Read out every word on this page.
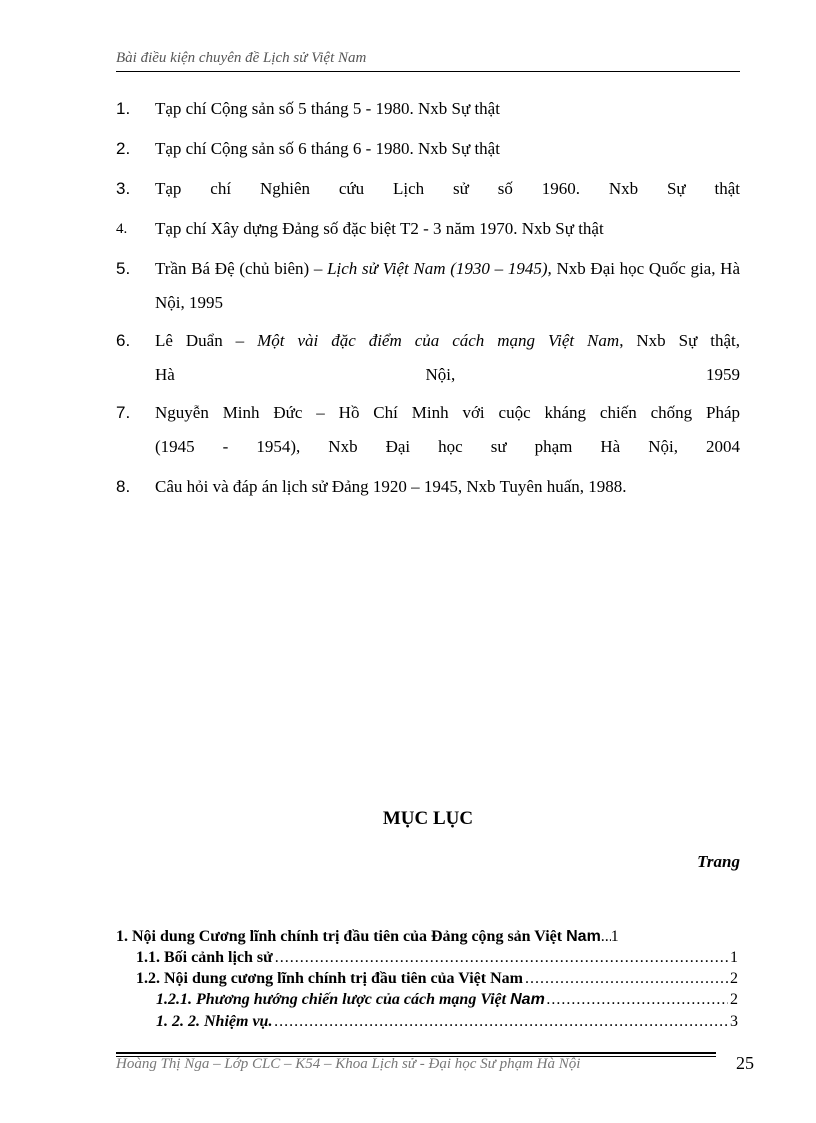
Bài điều kiện chuyên đề Lịch sử Việt Nam
1. Tạp chí Cộng sản số 5 tháng 5 - 1980. Nxb Sự thật
2. Tạp chí Cộng sản số 6 tháng 6 - 1980. Nxb Sự thật
3. Tạp chí Nghiên cứu Lịch sử số 1960. Nxb Sự thật
4. Tạp chí Xây dựng Đảng số đặc biệt T2 - 3 năm 1970. Nxb Sự thật
5. Trần Bá Đệ (chủ biên) – Lịch sử Việt Nam (1930 – 1945), Nxb Đại học Quốc gia, Hà Nội, 1995
6. Lê Duẩn – Một vài đặc điểm của cách mạng Việt Nam, Nxb Sự thật,
Hà Nội, 1959
7. Nguyễn Minh Đức – Hồ Chí Minh với cuộc kháng chiến chống Pháp
(1945 - 1954), Nxb Đại học sư phạm Hà Nội, 2004
8. Câu hỏi và đáp án lịch sử Đảng 1920 – 1945, Nxb Tuyên huấn, 1988.
MỤC LỤC
Trang
1. Nội dung Cương lĩnh chính trị đầu tiên của Đảng cộng sản Việt Nam ..... 1
1.1. Bối cảnh lịch sử .....	1
1.2. Nội dung cương lĩnh chính trị đầu tiên của Việt Nam .....	2
1.2.1. Phương hướng chiến lược của cách mạng Việt Nam .....	2
1. 2. 2. Nhiệm vụ. .....	3
Hoàng Thị Nga – Lớp CLC – K54 – Khoa Lịch sử - Đại học Sư phạm Hà Nội	25
